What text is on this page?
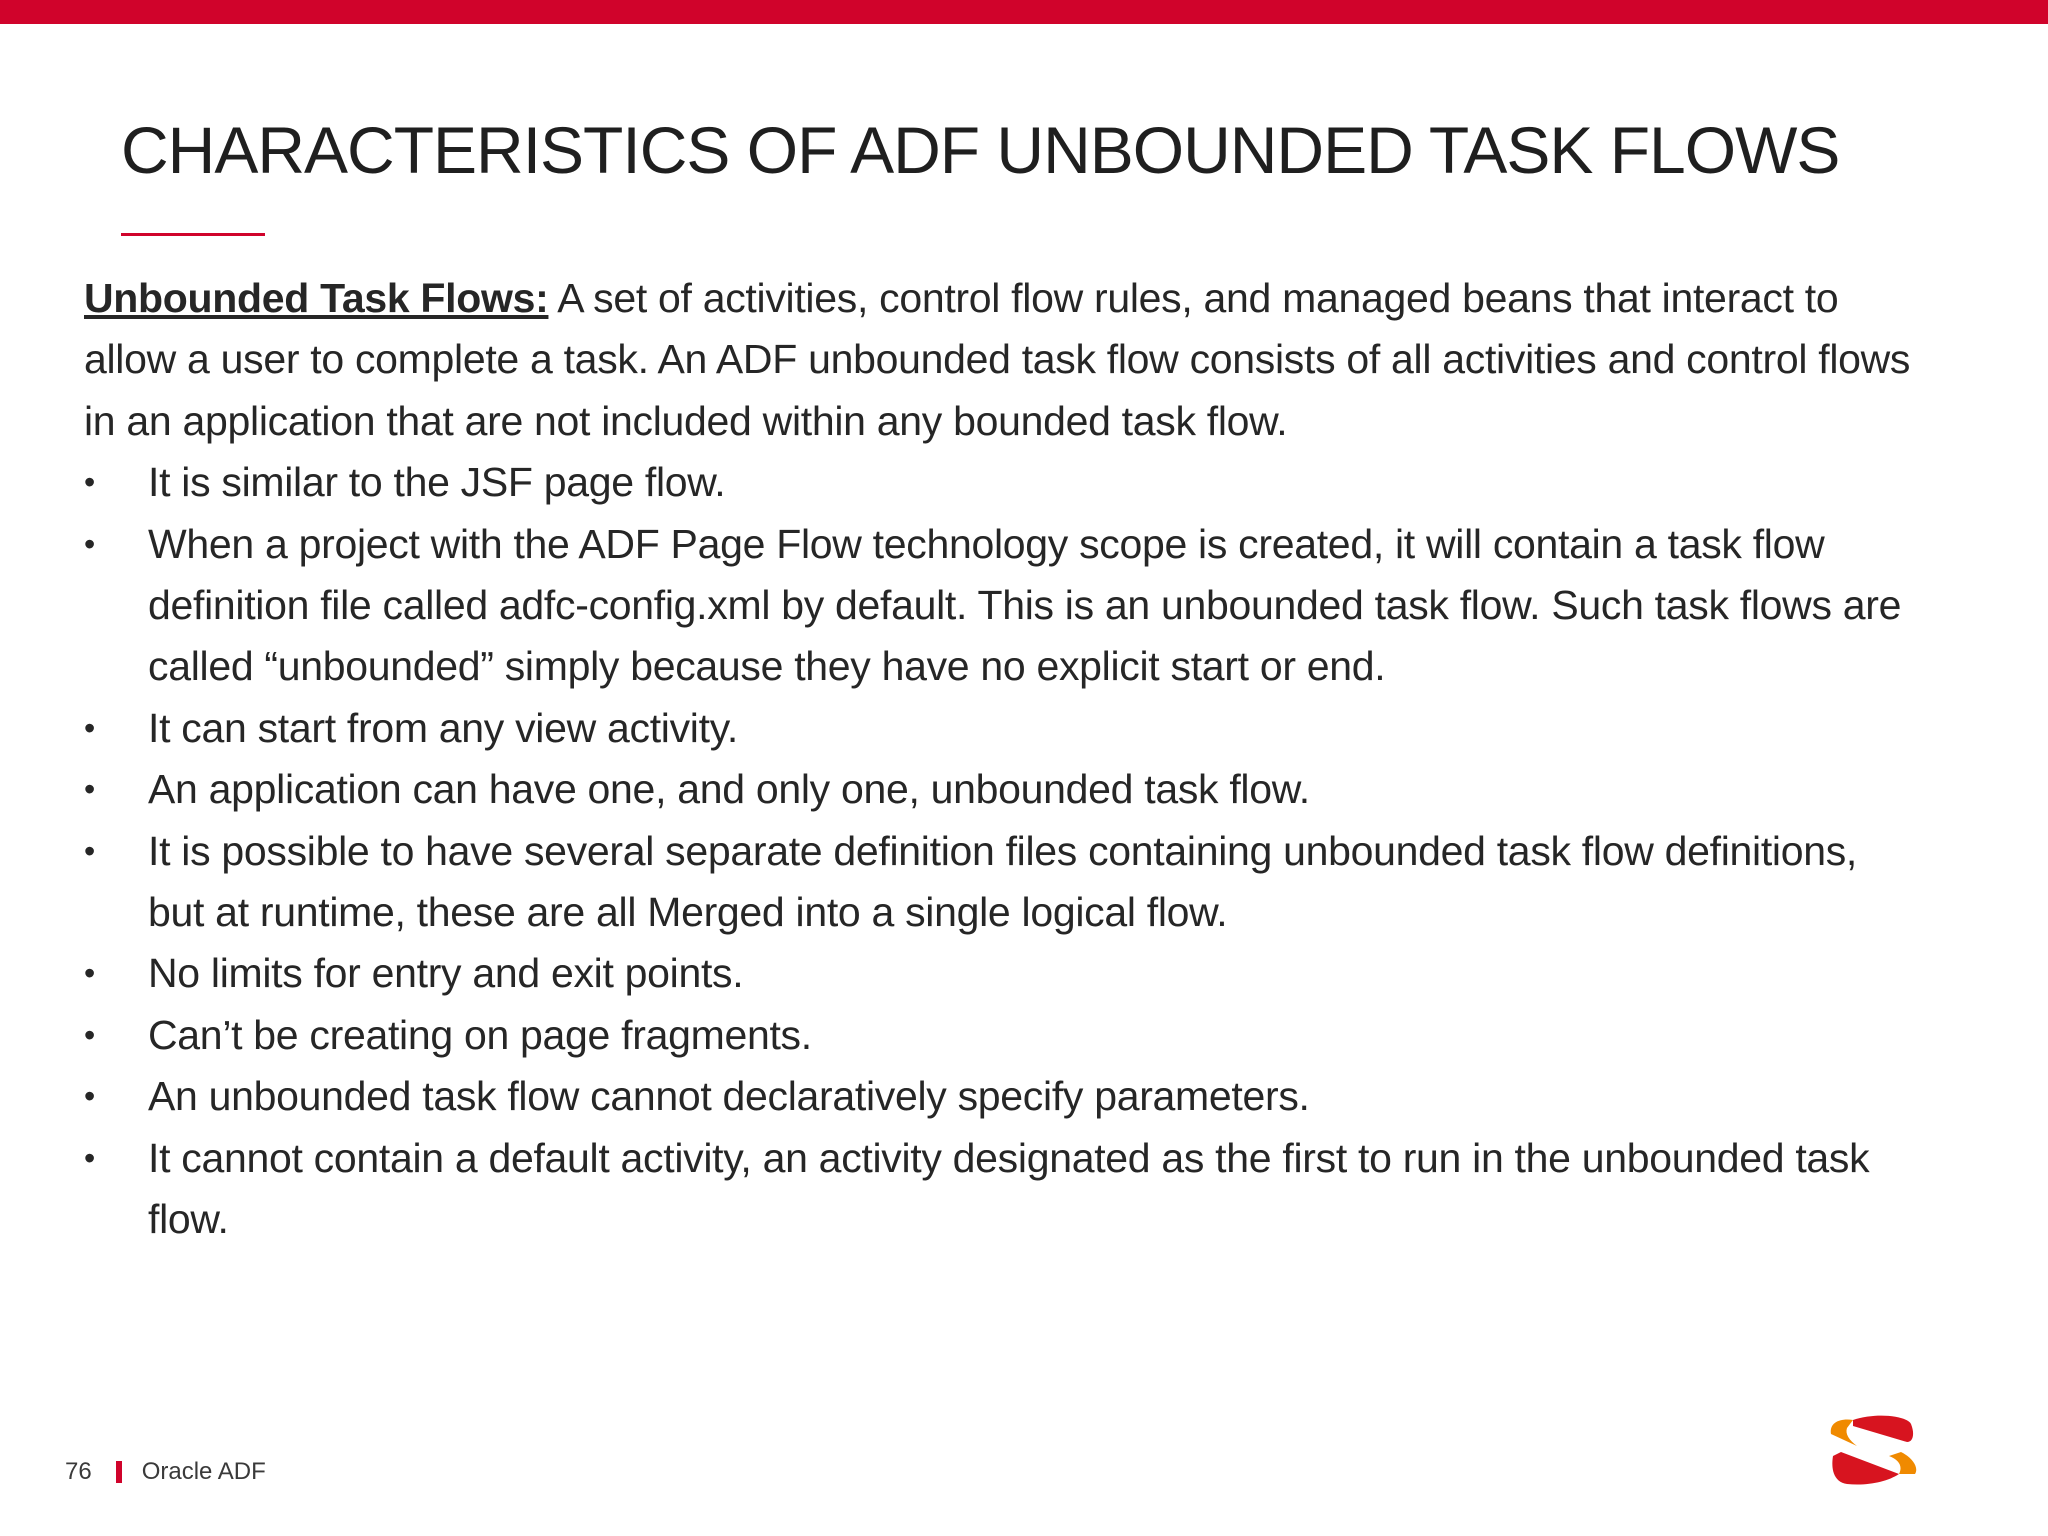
CHARACTERISTICS OF ADF UNBOUNDED TASK FLOWS

Unbounded Task Flows: A set of activities, control flow rules, and managed beans that interact to allow a user to complete a task. An ADF unbounded task flow consists of all activities and control flows in an application that are not included within any bounded task flow.

• It is similar to the JSF page flow.
• When a project with the ADF Page Flow technology scope is created, it will contain a task flow definition file called adfc-config.xml by default. This is an unbounded task flow. Such task flows are called “unbounded” simply because they have no explicit start or end.
• It can start from any view activity.
• An application can have one, and only one, unbounded task flow.
• It is possible to have several separate definition files containing unbounded task flow definitions, but at runtime, these are all Merged into a single logical flow.
• No limits for entry and exit points.
• Can’t be creating on page fragments.
• An unbounded task flow cannot declaratively specify parameters.
• It cannot contain a default activity, an activity designated as the first to run in the unbounded task flow.
76 Oracle ADF
